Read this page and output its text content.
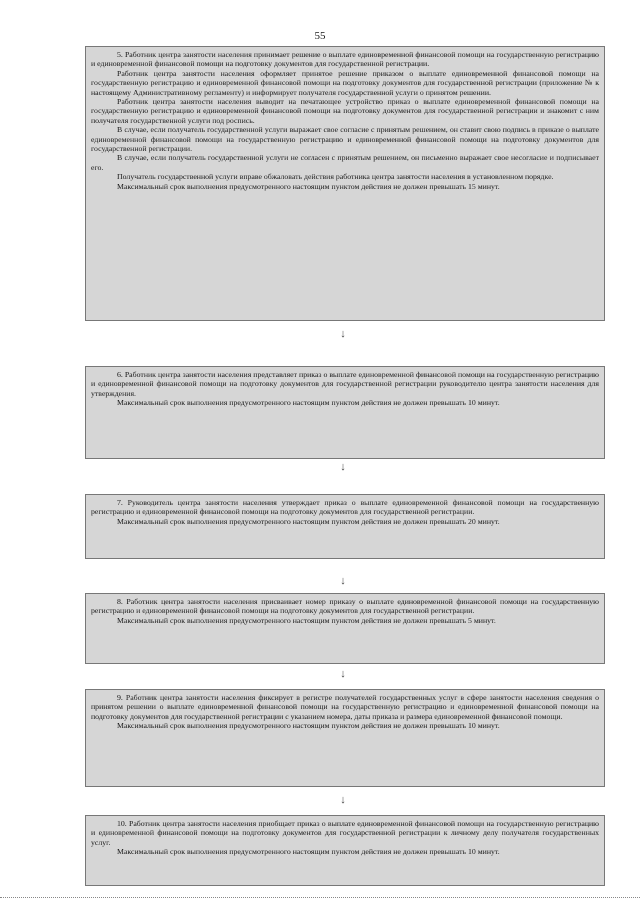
55

5. Работник центра занятости населения принимает решение о выплате единовременной финансовой помощи на государственную регистрацию и единовременной финансовой помощи на подготовку документов для государственной регистрации.

Работник центра занятости населения оформляет принятое решение приказом о выплате единовременной финансовой помощи на государственную регистрацию и единовременной финансовой помощи на подготовку документов для государственной регистрации (приложение № к настоящему Административному регламенту) и информирует получателя государственной услуги о принятом решении.

Работник центра занятости населения выводит на печатающее устройство приказ о выплате единовременной финансовой помощи на государственную регистрацию и единовременной финансовой помощи на подготовку документов для государственной регистрации и знакомит с ним получателя государственной услуги под роспись.

В случае, если получатель государственной услуги выражает свое согласие с принятым решением, он ставит свою подпись в приказе о выплате единовременной финансовой помощи на государственную регистрацию и единовременной финансовой помощи на подготовку документов для государственной регистрации.

В случае, если получатель государственной услуги не согласен с принятым решением, он письменно выражает свое несогласие и подписывает его.

Получатель государственной услуги вправе обжаловать действия работника центра занятости населения в установленном порядке.

Максимальный срок выполнения предусмотренного настоящим пунктом действия не должен превышать 15 минут.

↓

6. Работник центра занятости населения представляет приказ о выплате единовременной финансовой помощи на государственную регистрацию и единовременной финансовой помощи на подготовку документов для государственной регистрации руководителю центра занятости населения для утверждения.

Максимальный срок выполнения предусмотренного настоящим пунктом действия не должен превышать 10 минут.

↓

7. Руководитель центра занятости населения утверждает приказ о выплате единовременной финансовой помощи на государственную регистрацию и единовременной финансовой помощи на подготовку документов для государственной регистрации.

Максимальный срок выполнения предусмотренного настоящим пунктом действия не должен превышать 20 минут.

↓

8. Работник центра занятости населения присваивает номер приказу о выплате единовременной финансовой помощи на государственную регистрацию и единовременной финансовой помощи на подготовку документов для государственной регистрации.

Максимальный срок выполнения предусмотренного настоящим пунктом действия не должен превышать 5 минут.

↓

9. Работник центра занятости населения фиксирует в регистре получателей государственных услуг в сфере занятости населения сведения о принятом решении о выплате единовременной финансовой помощи на государственную регистрацию и единовременной финансовой помощи на подготовку документов для государственной регистрации с указанием номера, даты приказа и размера единовременной финансовой помощи.

Максимальный срок выполнения предусмотренного настоящим пунктом действия не должен превышать 10 минут.

↓

10. Работник центра занятости населения приобщает приказ о выплате единовременной финансовой помощи на государственную регистрацию и единовременной финансовой помощи на подготовку документов для государственной регистрации к личному делу получателя государственных услуг.

Максимальный срок выполнения предусмотренного настоящим пунктом действия не должен превышать 10 минут.
